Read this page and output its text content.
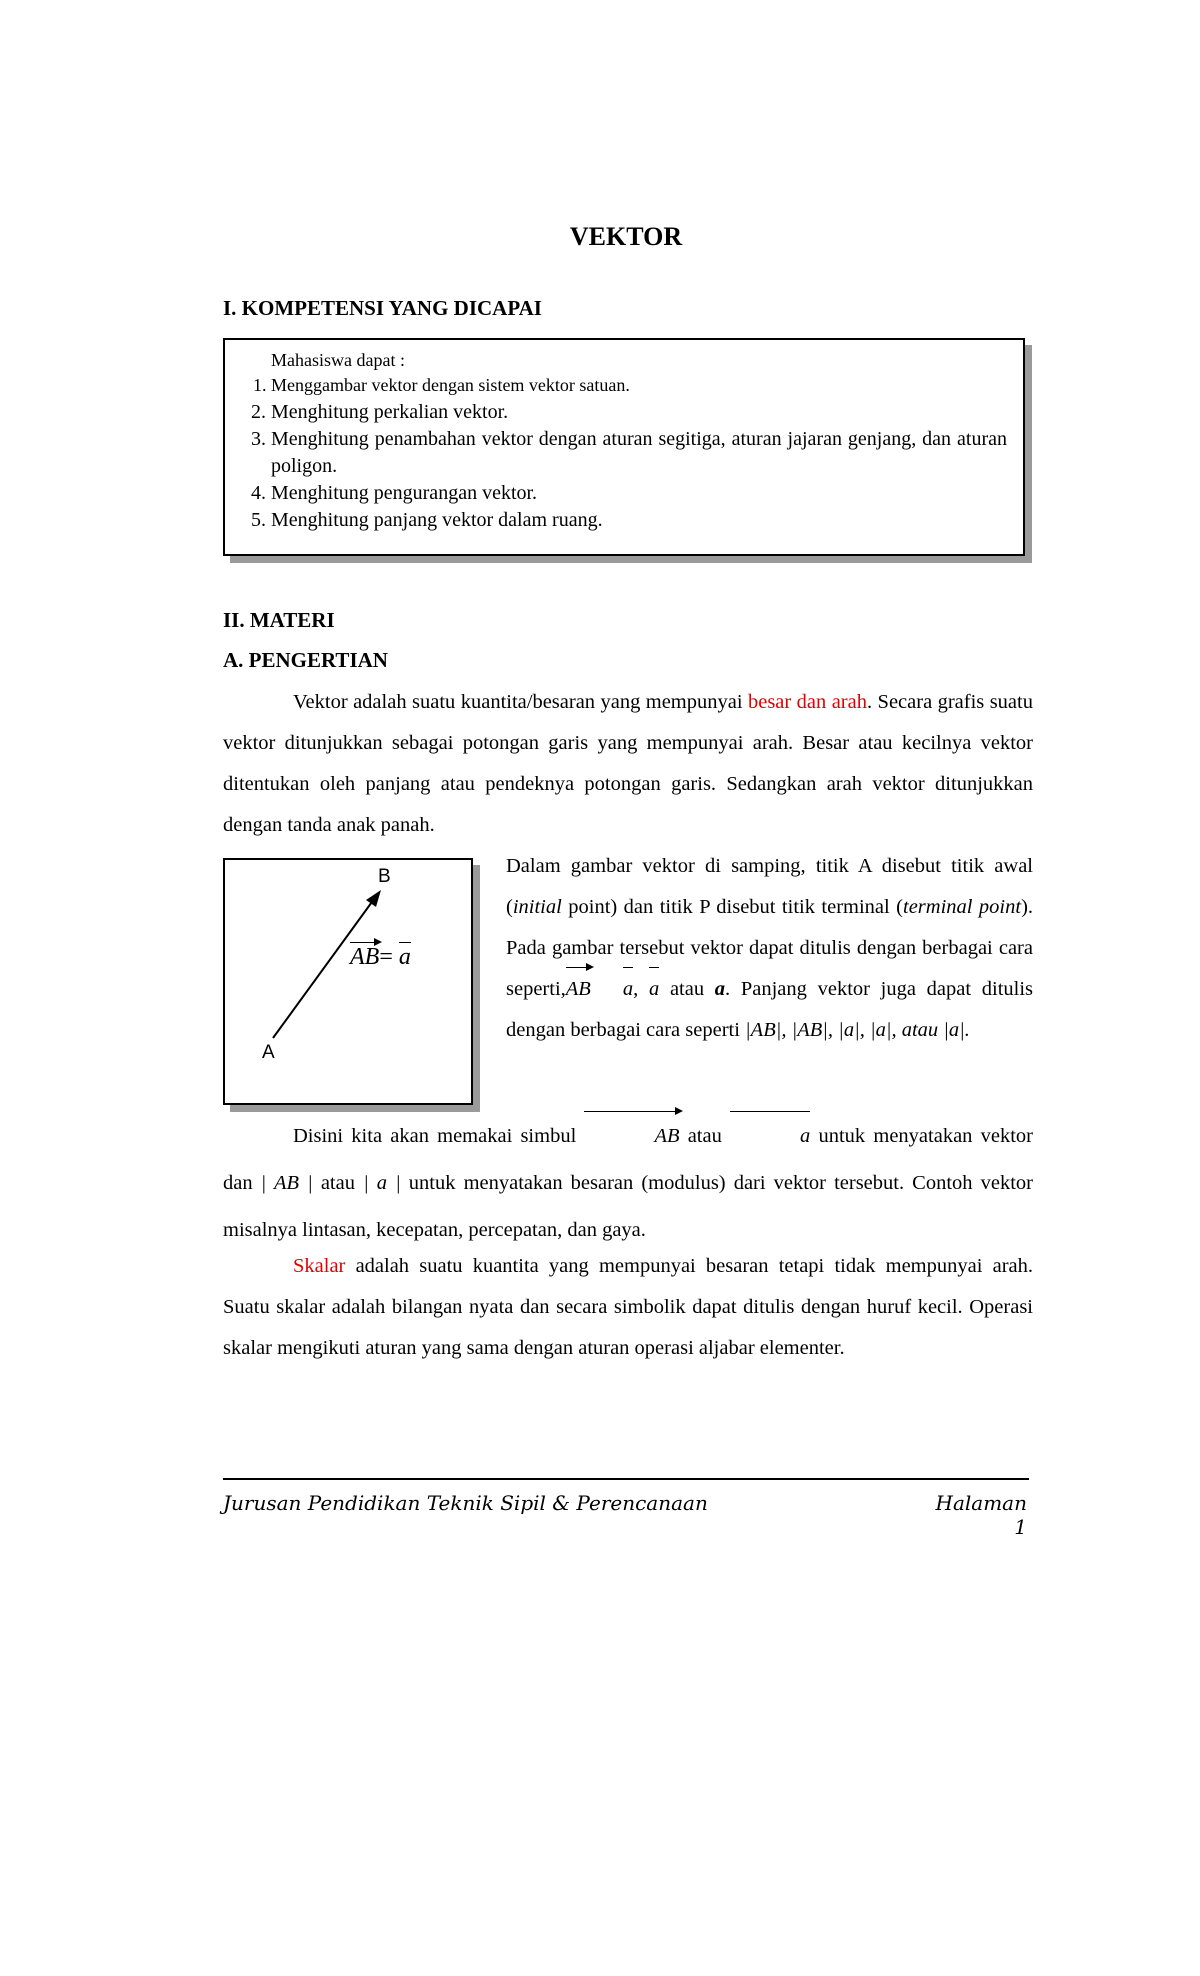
VEKTOR
I. KOMPETENSI YANG DICAPAI
Mahasiswa dapat :
1. Menggambar vektor dengan sistem vektor satuan.
2. Menghitung perkalian vektor.
3. Menghitung penambahan vektor dengan aturan segitiga, aturan jajaran genjang, dan aturan poligon.
4. Menghitung pengurangan vektor.
5. Menghitung panjang vektor dalam ruang.
II. MATERI
A. PENGERTIAN
Vektor adalah suatu kuantita/besaran yang mempunyai besar dan arah. Secara grafis suatu vektor ditunjukkan sebagai potongan garis yang mempunyai arah. Besar atau kecilnya vektor ditentukan oleh panjang atau pendeknya potongan garis. Sedangkan arah vektor ditunjukkan dengan tanda anak panah.
B
A
AB= a
Dalam gambar vektor di samping, titik A disebut titik awal (initial point) dan titik P disebut titik terminal (terminal point). Pada gambar tersebut vektor dapat ditulis dengan berbagai cara seperti,AB a, a atau a. Panjang vektor juga dapat ditulis dengan berbagai cara seperti |AB|, |AB|, |a|, |a|, atau |a|.
Disini kita akan memakai simbul	AB atau	a untuk menyatakan vektor dan | AB | atau | a | untuk menyatakan besaran (modulus) dari vektor tersebut. Contoh vektor misalnya lintasan, kecepatan, percepatan, dan gaya.
Skalar adalah suatu kuantita yang mempunyai besaran tetapi tidak mempunyai arah. Suatu skalar adalah bilangan nyata dan secara simbolik dapat ditulis dengan huruf kecil. Operasi skalar mengikuti aturan yang sama dengan aturan operasi aljabar elementer.
Jurusan Pendidikan Teknik Sipil & Perencanaan	Halaman 1
